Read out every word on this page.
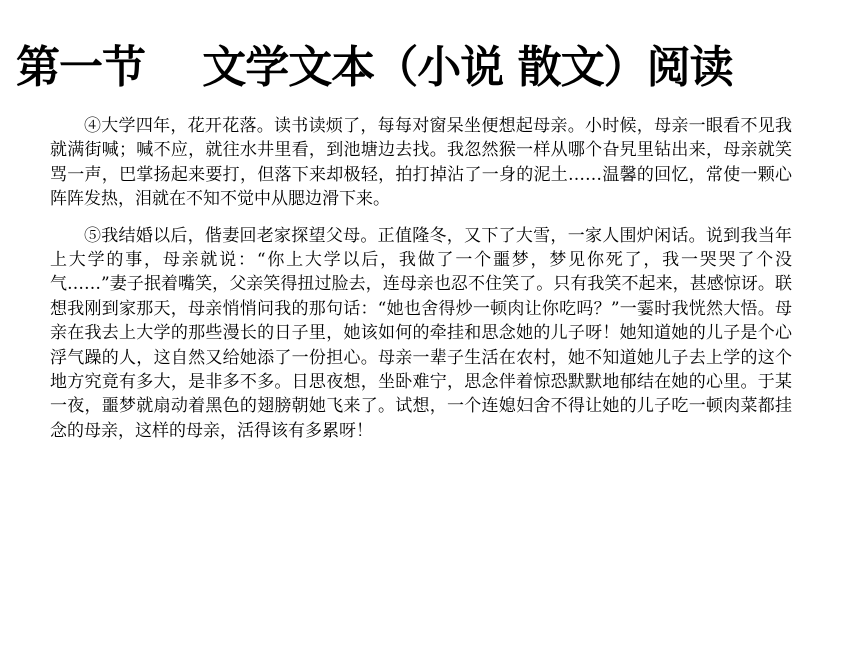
第一节    文学文本（小说 散文）阅读

④大学四年，花开花落。读书读烦了，每每对窗呆坐便想起母亲。小时候，母亲一眼看不见我就满街喊；喊不应，就往水井里看，到池塘边去找。我忽然猴一样从哪个旮旯里钻出来，母亲就笑骂一声，巴掌扬起来要打，但落下来却极轻，拍打掉沾了一身的泥土……温馨的回忆，常使一颗心阵阵发热，泪就在不知不觉中从腮边滑下来。

⑤我结婚以后，偕妻回老家探望父母。正值隆冬，又下了大雪，一家人围炉闲话。说到我当年上大学的事，母亲就说：“你上大学以后，我做了一个噩梦，梦见你死了，我一哭哭了个没气……”妻子抿着嘴笑，父亲笑得扭过脸去，连母亲也忍不住笑了。只有我笑不起来，甚感惊讶。联想我刚到家那天，母亲悄悄问我的那句话：“她也舍得炒一顿肉让你吃吗？”一霎时我恍然大悟。母亲在我去上大学的那些漫长的日子里，她该如何的牵挂和思念她的儿子呀！她知道她的儿子是个心浮气躁的人，这自然又给她添了一份担心。母亲一辈子生活在农村，她不知道她儿子去上学的这个地方究竟有多大，是非多不多。日思夜想，坐卧难宁，思念伴着惊恐默默地郁结在她的心里。于某一夜，噩梦就扇动着黑色的翅膀朝她飞来了。试想，一个连媳妇舍不得让她的儿子吃一顿肉菜都挂念的母亲，这样的母亲，活得该有多累呀！
